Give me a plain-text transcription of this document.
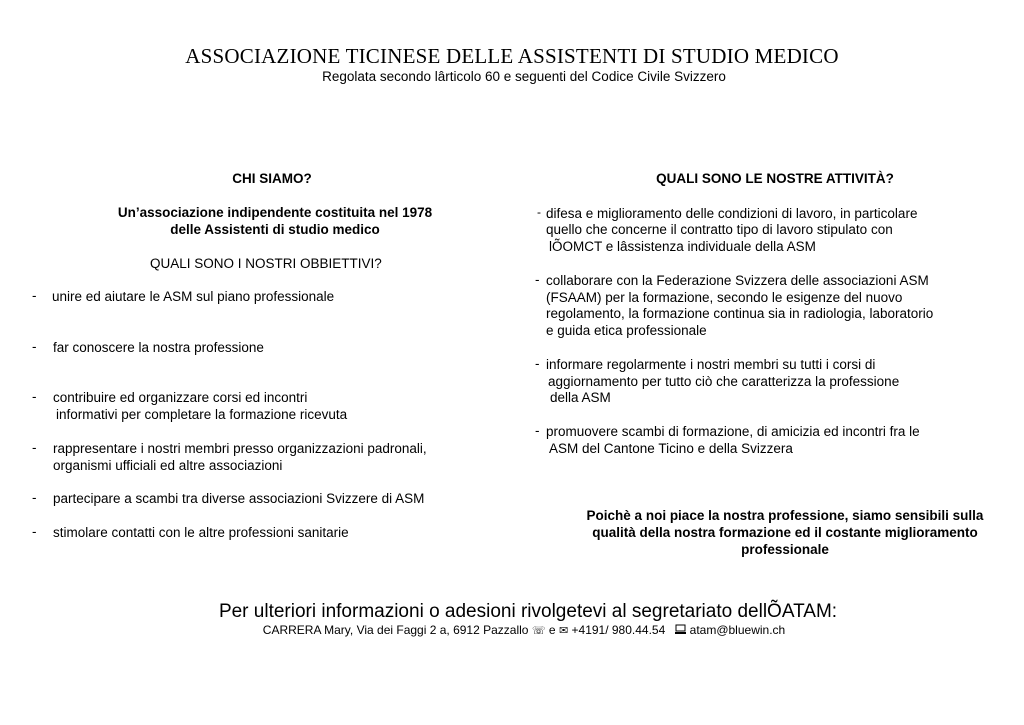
ASSOCIAZIONE TICINESE DELLE ASSISTENTI DI STUDIO MEDICO
Regolata secondo lârticolo 60 e seguenti del Codice Civile Svizzero
CHI SIAMO?
Un’associazione indipendente costituita nel 1978
delle Assistenti di studio medico
QUALI SONO I NOSTRI OBBIETTIVI?
- unire ed aiutare le ASM sul piano professionale
- far conoscere la nostra professione
- contribuire ed organizzare corsi ed incontri
informativi per completare la formazione ricevuta
- rappresentare i nostri membri presso organizzazioni padronali,
organismi ufficiali ed altre associazioni
- partecipare a scambi tra diverse associazioni Svizzere di ASM
- stimolare contatti con le altre professioni sanitarie
QUALI SONO LE NOSTRE ATTIVITÀ?
- difesa e miglioramento delle condizioni di lavoro, in particolare
quello che concerne il contratto tipo di lavoro stipulato con
lÕOMCT e lâssistenza individuale della ASM
- collaborare con la Federazione Svizzera delle associazioni ASM
(FSAAM) per la formazione, secondo le esigenze del nuovo
regolamento, la formazione continua sia in radiologia, laboratorio
e guida etica professionale
- informare regolarmente i nostri membri su tutti i corsi di
aggiornamento per tutto ciò che caratterizza la professione
della ASM
- promuovere scambi di formazione, di amicizia ed incontri fra le
ASM del Cantone Ticino e della Svizzera
Poichè a noi piace la nostra professione, siamo sensibili sulla
qualità della nostra formazione ed il costante miglioramento
professionale
Per ulteriori informazioni o adesioni rivolgetevi al segretariato dellÕATAM:
CARRERA Mary, Via dei Faggi 2 a, 6912 Pazzallo ☏ e ✉ +4191/ 980.44.54 atam@bluewin.ch
